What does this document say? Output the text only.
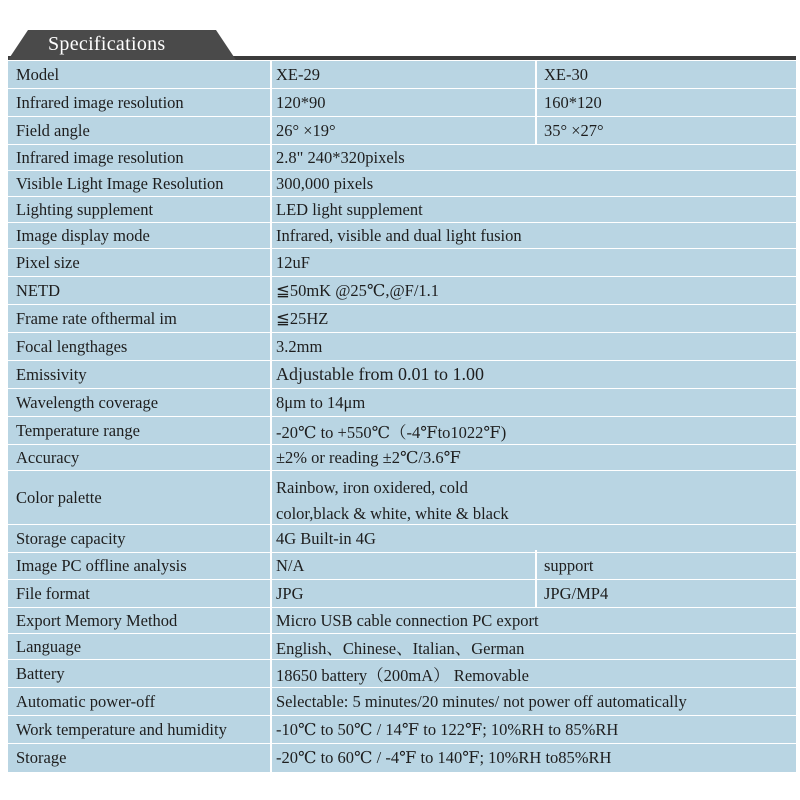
Specifications
Model	XE-29	XE-30
Infrared image resolution	120*90	160*120
Field angle	26° ×19°	35° ×27°
Infrared image resolution	2.8" 240*320pixels
Visible Light Image Resolution	300,000 pixels
Lighting supplement	LED light supplement
Image display mode	Infrared, visible and dual light fusion
Pixel size	12uF
NETD	≦50mK @25℃,@F/1.1
Frame rate ofthermal im	≦25HZ
Focal lengthages	3.2mm
Emissivity	Adjustable from 0.01 to 1.00
Wavelength coverage	8μm to 14μm
Temperature range	-20℃ to +550℃（-4℉to1022℉)
Accuracy	±2% or reading ±2℃/3.6℉
Color palette	Rainbow, iron oxidered, cold
color,black & white, white & black
Storage capacity	4G Built-in 4G
Image PC offline analysis	N/A	support
File format	JPG	JPG/MP4
Export Memory Method	Micro USB cable connection PC export
Language	English、Chinese、Italian、German
Battery	18650 battery（200mA） Removable
Automatic power-off	Selectable: 5 minutes/20 minutes/ not power off automatically
Work temperature and humidity	-10℃ to 50℃ / 14℉ to 122℉; 10%RH to 85%RH
Storage	-20℃ to 60℃ / -4℉ to 140℉; 10%RH to85%RH
